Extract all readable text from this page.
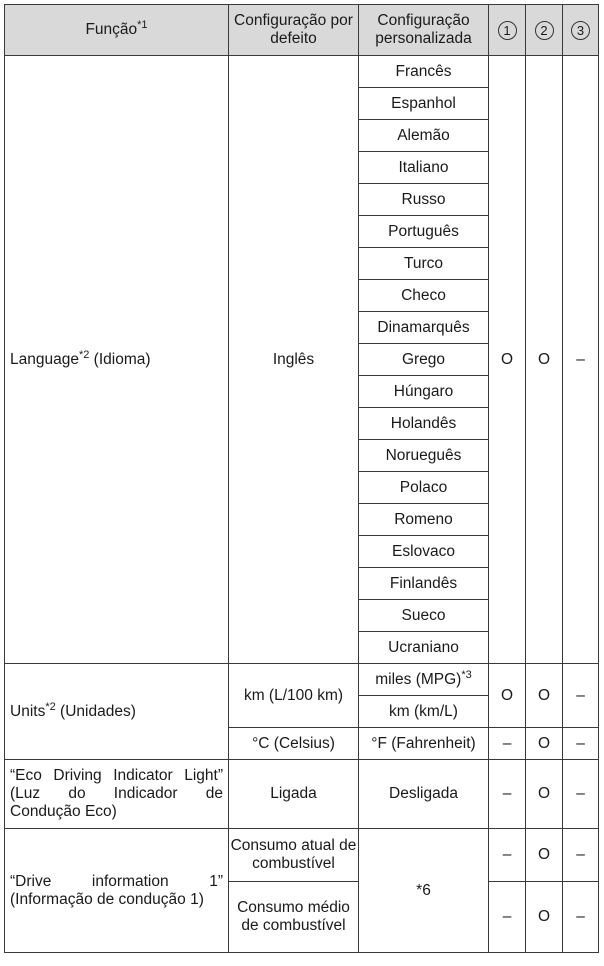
Função$^{*1}$	Configuração por defeito	Configuração personalizada	1	2	3
Language$^{*2}$ (Idioma)	Inglês	Francês	O	O	–
		Espanhol			
		Alemão			
		Italiano			
		Russo			
		Português			
		Turco			
		Checo			
		Dinamarquês			
		Grego			
		Húngaro			
		Holandês			
		Norueguês			
		Polaco			
		Romeno			
		Eslovaco			
		Finlandês			
		Sueco			
		Ucraniano			
Units$^{*2}$ (Unidades)	km (L/100 km)	miles (MPG)$^{*3}$	O	O	–
		km (km/L)			
	°C (Celsius)	°F (Fahrenheit)	–	O	–
“Eco Driving Indicator Light” (Luz do Indicador de Condução Eco)	Ligada	Desligada	–	O	–
“Drive information 1” (Informação de condução 1)	Consumo atual de combustível	*6	–	O	–
	Consumo médio de combustível		–	O	–
